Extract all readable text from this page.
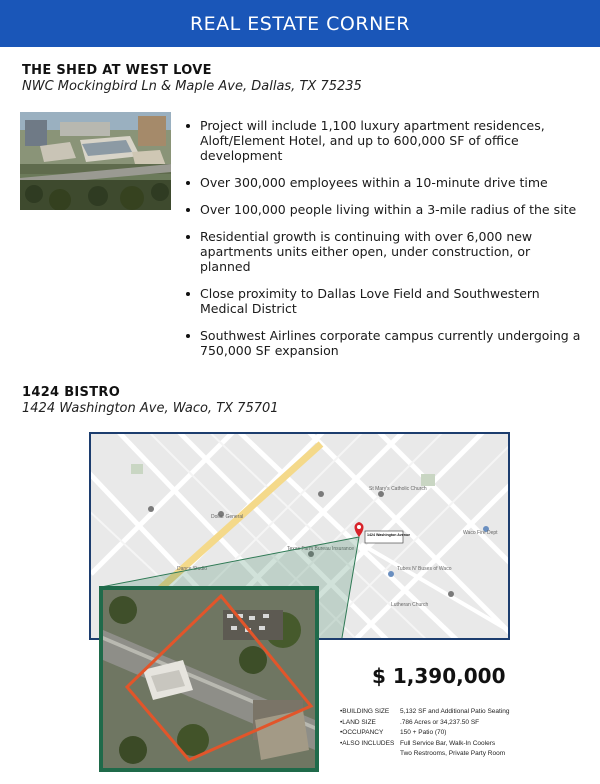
REAL ESTATE CORNER
THE SHED AT WEST LOVE
NWC Mockingbird Ln & Maple Ave, Dallas, TX 75235
Project will include 1,100 luxury apartment residences, Aloft/Element Hotel, and up to 600,000 SF of office development
Over 300,000 employees within a 10-minute drive time
Over 100,000 people living within a 3-mile radius of the site
Residential growth is continuing with over 6,000 new apartments units either open, under construction, or planned
Close proximity to Dallas Love Field and Southwestern Medical District
Southwest Airlines corporate campus currently undergoing a 750,000 SF expansion
1424 BISTRO
1424 Washington Ave, Waco, TX 75701
Dollar General
St Mary's Catholic Church
Texas Farm Bureau Insurance
Dance Studio
Waco Fire Dept
Lutheran Church
Tubes N' Buses of Waco
1424 Washington Avenue
$ 1,390,000
• BUILDING SIZE	5,132 SF and Additional Patio Seating
• LAND SIZE	.786 Acres or 34,237.50 SF
• OCCUPANCY	150 + Patio (70)
• ALSO INCLUDES Full Service Bar, Walk-In Coolers
Two Restrooms, Private Party Room
